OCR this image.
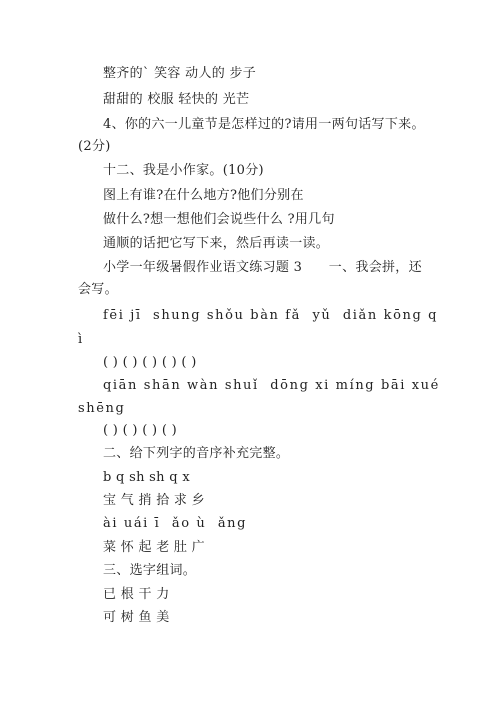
整齐的` 笑容 动人的 步子
甜甜的 校服 轻快的 光芒
4、你的六一儿童节是怎样过的?请用一两句话写下来。
(2分)
十二、我是小作家。(10分)
图上有谁?在什么地方?他们分别在
做什么?想一想他们会说些什么 ?用几句
通顺的话把它写下来，然后再读一读。
小学一年级暑假作业语文练习题 3      一、我会拼，还
会写。
fēi jī  shung shǒu bàn fǎ  yǔ  diǎn kōng q
ì
( ) ( ) ( ) ( ) ( )
qiān shān wàn shuǐ  dōng xi míng bāi xué
shēng
( ) ( ) ( ) ( )
二、给下列字的音序补充完整。
b q sh sh q x
宝 气 捎 拾 求 乡
ài uái ī  ǎo ù  ǎng
菜 怀 起 老 肚 广
三、选字组词。
已 根 干 力
可 树 鱼 美
